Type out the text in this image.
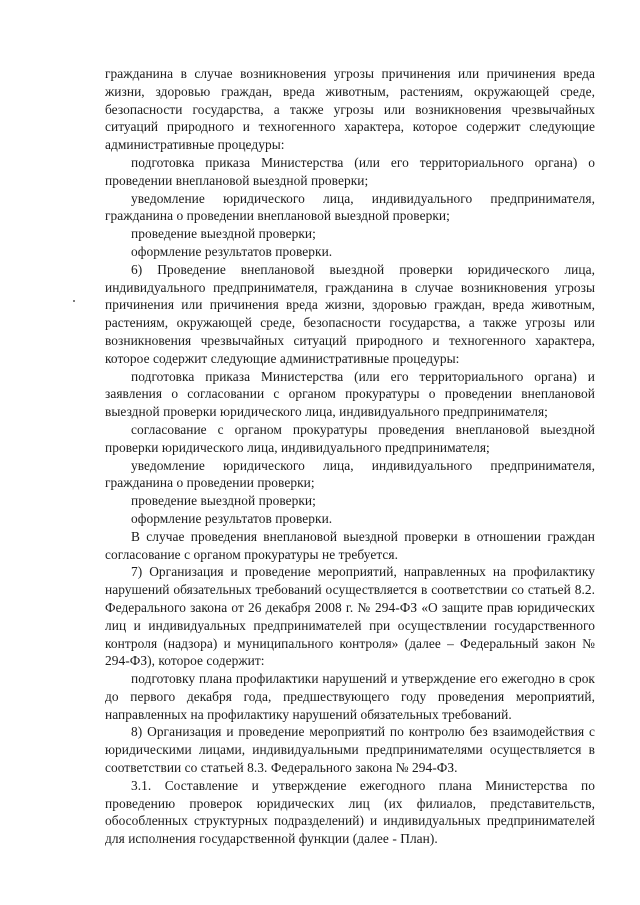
гражданина в случае возникновения угрозы причинения или причинения вреда жизни, здоровью граждан, вреда животным, растениям, окружающей среде, безопасности государства, а также угрозы или возникновения чрезвычайных ситуаций природного и техногенного характера, которое содержит следующие административные процедуры:

подготовка приказа Министерства (или его территориального органа) о проведении внеплановой выездной проверки;

уведомление юридического лица, индивидуального предпринимателя, гражданина о проведении внеплановой выездной проверки;

проведение выездной проверки;

оформление результатов проверки.

6) Проведение внеплановой выездной проверки юридического лица, индивидуального предпринимателя, гражданина в случае возникновения угрозы причинения или причинения вреда жизни, здоровью граждан, вреда животным, растениям, окружающей среде, безопасности государства, а также угрозы или возникновения чрезвычайных ситуаций природного и техногенного характера, которое содержит следующие административные процедуры:

подготовка приказа Министерства (или его территориального органа) и заявления о согласовании с органом прокуратуры о проведении внеплановой выездной проверки юридического лица, индивидуального предпринимателя;

согласование с органом прокуратуры проведения внеплановой выездной проверки юридического лица, индивидуального предпринимателя;

уведомление юридического лица, индивидуального предпринимателя, гражданина о проведении проверки;

проведение выездной проверки;

оформление результатов проверки.

В случае проведения внеплановой выездной проверки в отношении граждан согласование с органом прокуратуры не требуется.

7) Организация и проведение мероприятий, направленных на профилактику нарушений обязательных требований осуществляется в соответствии со статьей 8.2. Федерального закона от 26 декабря 2008 г. № 294-ФЗ «О защите прав юридических лиц и индивидуальных предпринимателей при осуществлении государственного контроля (надзора) и муниципального контроля» (далее – Федеральный закон № 294-ФЗ), которое содержит:

подготовку плана профилактики нарушений и утверждение его ежегодно в срок до первого декабря года, предшествующего году проведения мероприятий, направленных на профилактику нарушений обязательных требований.

8) Организация и проведение мероприятий по контролю без взаимодействия с юридическими лицами, индивидуальными предпринимателями осуществляется в соответствии со статьей 8.3. Федерального закона № 294-ФЗ.

3.1. Составление и утверждение ежегодного плана Министерства по проведению проверок юридических лиц (их филиалов, представительств, обособленных структурных подразделений) и индивидуальных предпринимателей для исполнения государственной функции (далее - План).
